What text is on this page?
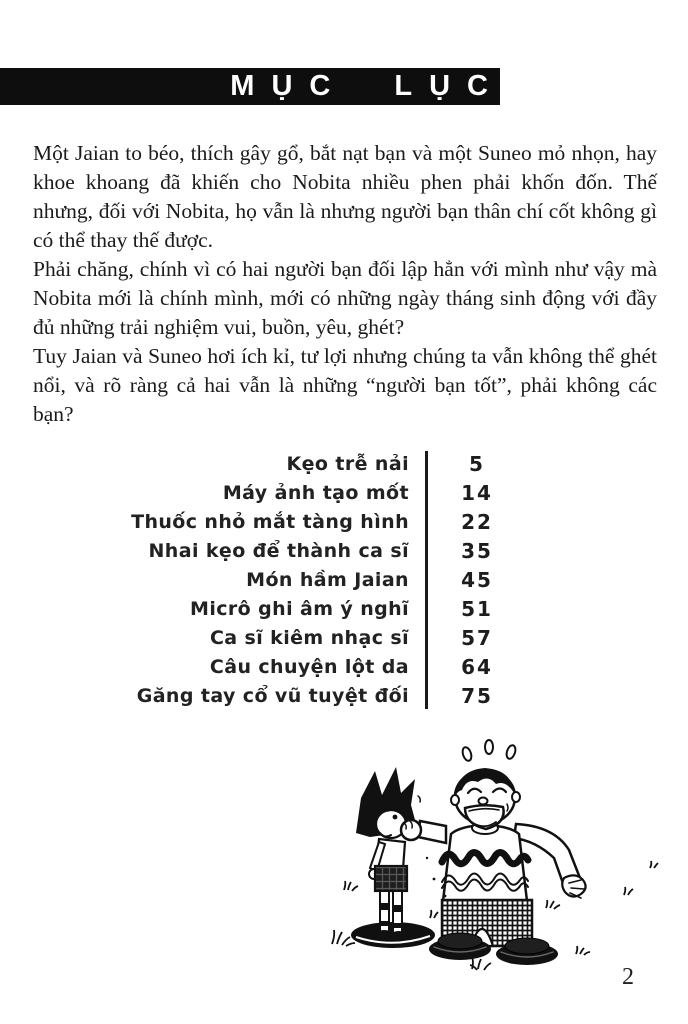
MỤC LỤC

Một Jaian to béo, thích gây gổ, bắt nạt bạn và một Suneo mỏ nhọn, hay khoe khoang đã khiến cho Nobita nhiều phen phải khốn đốn. Thế nhưng, đối với Nobita, họ vẫn là nhưng người bạn thân chí cốt không gì có thể thay thế được.

Phải chăng, chính vì có hai người bạn đối lập hẳn với mình như vậy mà Nobita mới là chính mình, mới có những ngày tháng sinh động với đầy đủ những trải nghiệm vui, buồn, yêu, ghét?

Tuy Jaian và Suneo hơi ích kỉ, tư lợi nhưng chúng ta vẫn không thể ghét nổi, và rõ ràng cả hai vẫn là những “người bạn tốt”, phải không các bạn?

Kẹo trễ nải	5
Máy ảnh tạo mốt	14
Thuốc nhỏ mắt tàng hình	22
Nhai kẹo để thành ca sĩ	35
Món hầm Jaian	45
Micrô ghi âm ý nghĩ	51
Ca sĩ kiêm nhạc sĩ	57
Câu chuyện lột da	64
Găng tay cổ vũ tuyệt đối	75
2
